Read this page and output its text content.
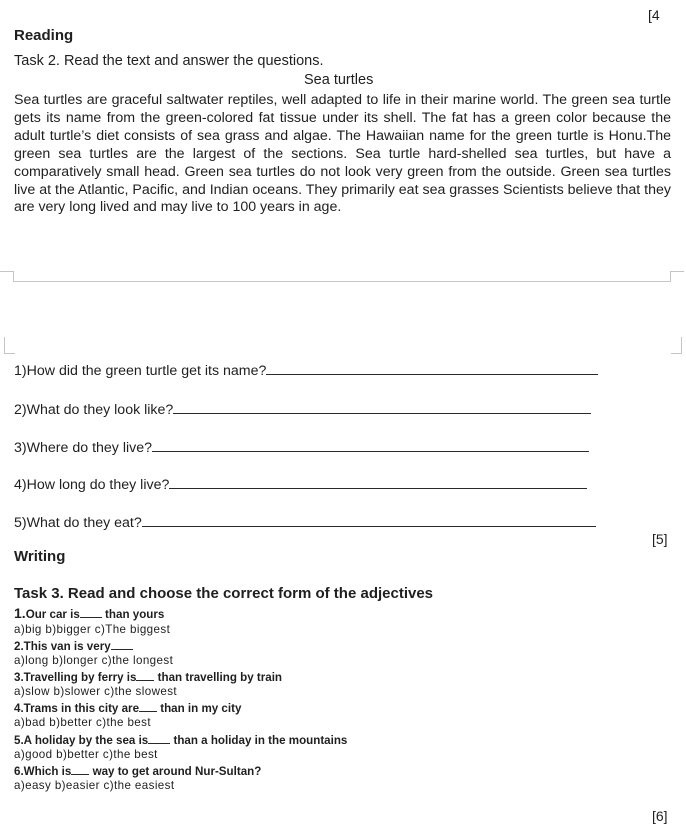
[4
Reading
Task 2. Read the text and answer the questions.
Sea turtles

Sea turtles are graceful saltwater reptiles, well adapted to life in their marine world. The green sea turtle gets its name from the green-colored fat tissue under its shell. The fat has a green color because the adult turtle’s diet consists of sea grass and algae. The Hawaiian name for the green turtle is Honu.The green sea turtles are the largest of the sections. Sea turtle hard-shelled sea turtles, but have a comparatively small head. Green sea turtles do not look very green from the outside. Green sea turtles live at the Atlantic, Pacific, and Indian oceans. They primarily eat sea grasses Scientists believe that they are very long lived and may live to 100 years in age.

1)How did the green turtle get its name?
2)What do they look like?
3)Where do they live?
4)How long do they live?
5)What do they eat?
[5]
Writing
Task 3. Read and choose the correct form of the adjectives
1.Our car is than yours
a)big b)bigger c)The biggest
2.This van is very
a)long b)longer c)the longest
3.Travelling by ferry is than travelling by train
a)slow b)slower c)the slowest
4.Trams in this city are than in my city
a)bad b)better c)the best
5.A holiday by the sea is than a holiday in the mountains
a)good b)better c)the best
6.Which is way to get around Nur-Sultan?
a)easy b)easier c)the easiest
[6]
